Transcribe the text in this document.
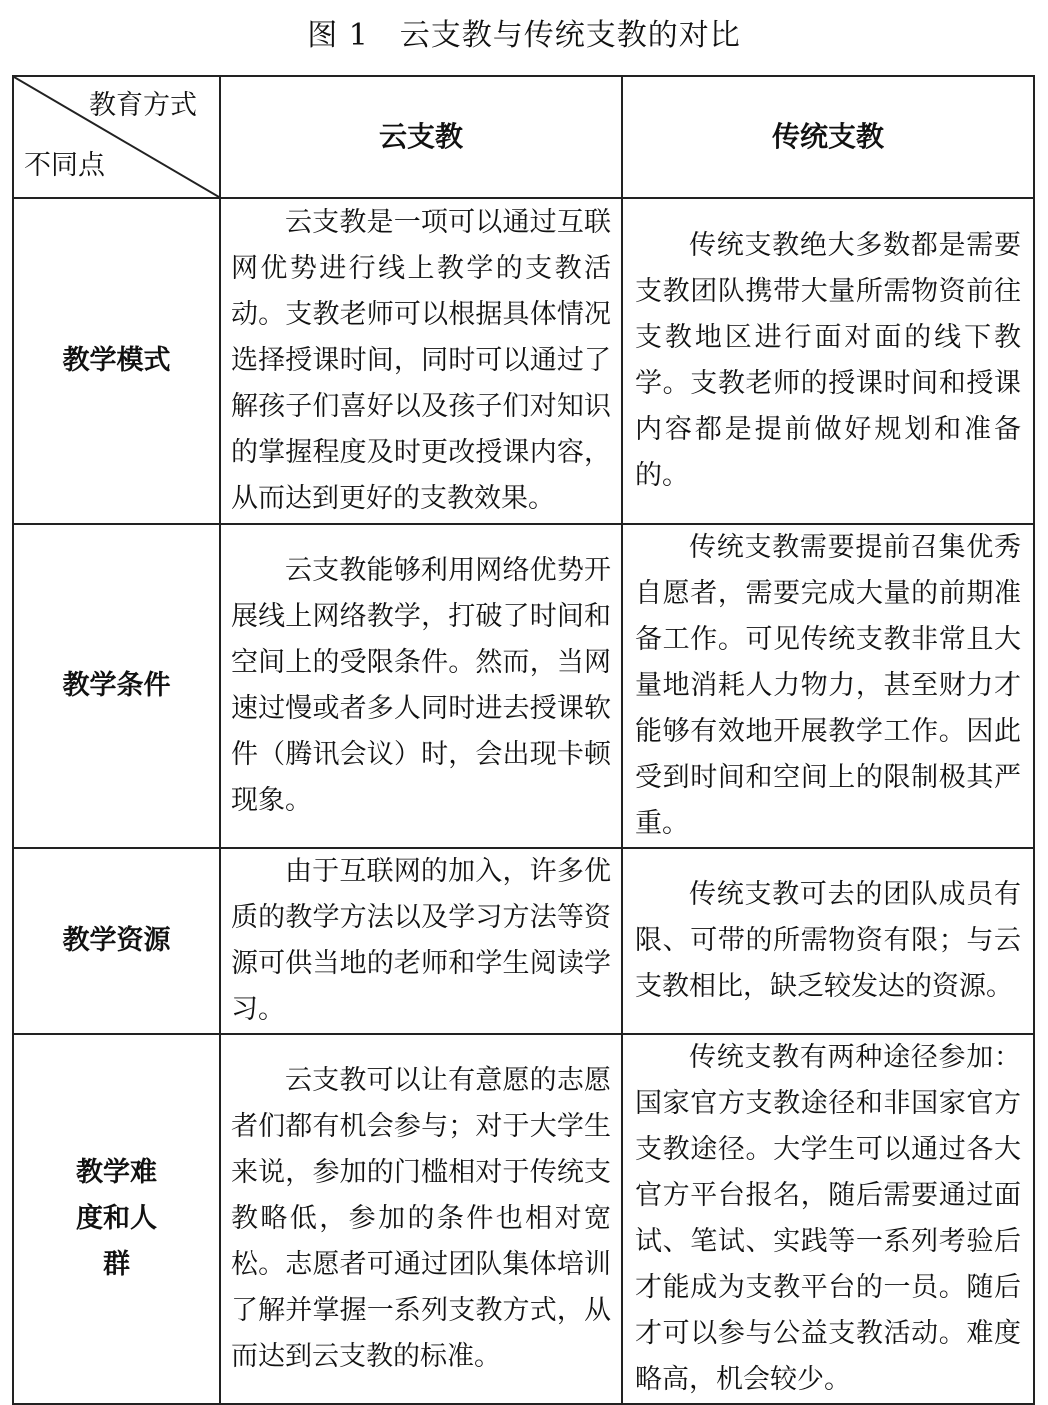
图 1　云支教与传统支教的对比
教育方式
不同点	云支教	传统支教
教学模式	云支教是一项可以通过互联网优势进行线上教学的支教活动。支教老师可以根据具体情况选择授课时间，同时可以通过了解孩子们喜好以及孩子们对知识的掌握程度及时更改授课内容，从而达到更好的支教效果。	传统支教绝大多数都是需要支教团队携带大量所需物资前往支教地区进行面对面的线下教学。支教老师的授课时间和授课内容都是提前做好规划和准备的。

教学条件	云支教能够利用网络优势开展线上网络教学，打破了时间和空间上的受限条件。然而，当网速过慢或者多人同时进去授课软件（腾讯会议）时，会出现卡顿现象。	传统支教需要提前召集优秀自愿者，需要完成大量的前期准备工作。可见传统支教非常且大量地消耗人力物力，甚至财力才能够有效地开展教学工作。因此受到时间和空间上的限制极其严重。

教学资源	由于互联网的加入，许多优质的教学方法以及学习方法等资源可供当地的老师和学生阅读学习。	传统支教可去的团队成员有限、可带的所需物资有限；与云支教相比，缺乏较发达的资源。

教学难度和人群	云支教可以让有意愿的志愿者们都有机会参与；对于大学生来说，参加的门槛相对于传统支教略低，参加的条件也相对宽松。志愿者可通过团队集体培训了解并掌握一系列支教方式，从而达到云支教的标准。	传统支教有两种途径参加：国家官方支教途径和非国家官方支教途径。大学生可以通过各大官方平台报名，随后需要通过面试、笔试、实践等一系列考验后才能成为支教平台的一员。随后才可以参与公益支教活动。难度略高，机会较少。
